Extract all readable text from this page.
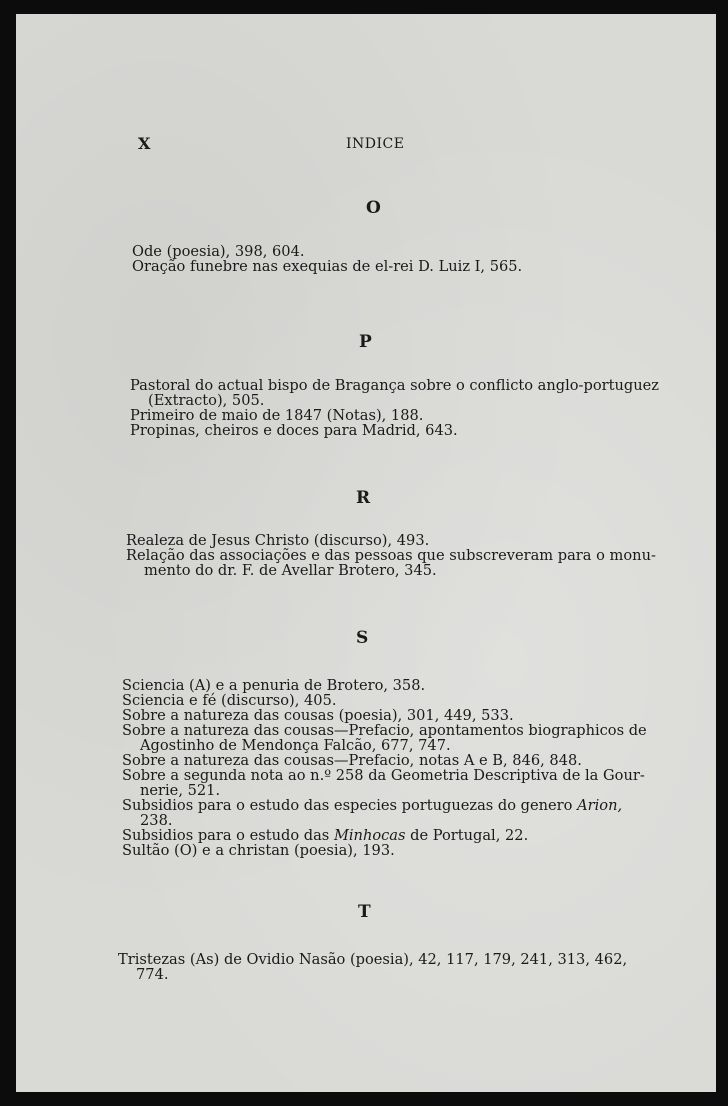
X	INDICE
O
Ode (poesia), 398, 604.
Oração funebre nas exequias de el-rei D. Luiz I, 565.
P
Pastoral do actual bispo de Bragança sobre o conflicto anglo-portuguez
(Extracto), 505.
Primeiro de maio de 1847 (Notas), 188.
Propinas, cheiros e doces para Madrid, 643.
R
Realeza de Jesus Christo (discurso), 493.
Relação das associações e das pessoas que subscreveram para o monu-
mento do dr. F. de Avellar Brotero, 345.
S
Sciencia (A) e a penuria de Brotero, 358.
Sciencia e fé (discurso), 405.
Sobre a natureza das cousas (poesia), 301, 449, 533.
Sobre a natureza das cousas—Prefacio, apontamentos biographicos de
Agostinho de Mendonça Falcão, 677, 747.
Sobre a natureza das cousas—Prefacio, notas A e B, 846, 848.
Sobre a segunda nota ao n.º 258 da Geometria Descriptiva de la Gour-
nerie, 521.
Subsidios para o estudo das especies portuguezas do genero Arion,
238.
Subsidios para o estudo das Minhocas de Portugal, 22.
Sultão (O) e a christan (poesia), 193.
T
Tristezas (As) de Ovidio Nasão (poesia), 42, 117, 179, 241, 313, 462,
774.
